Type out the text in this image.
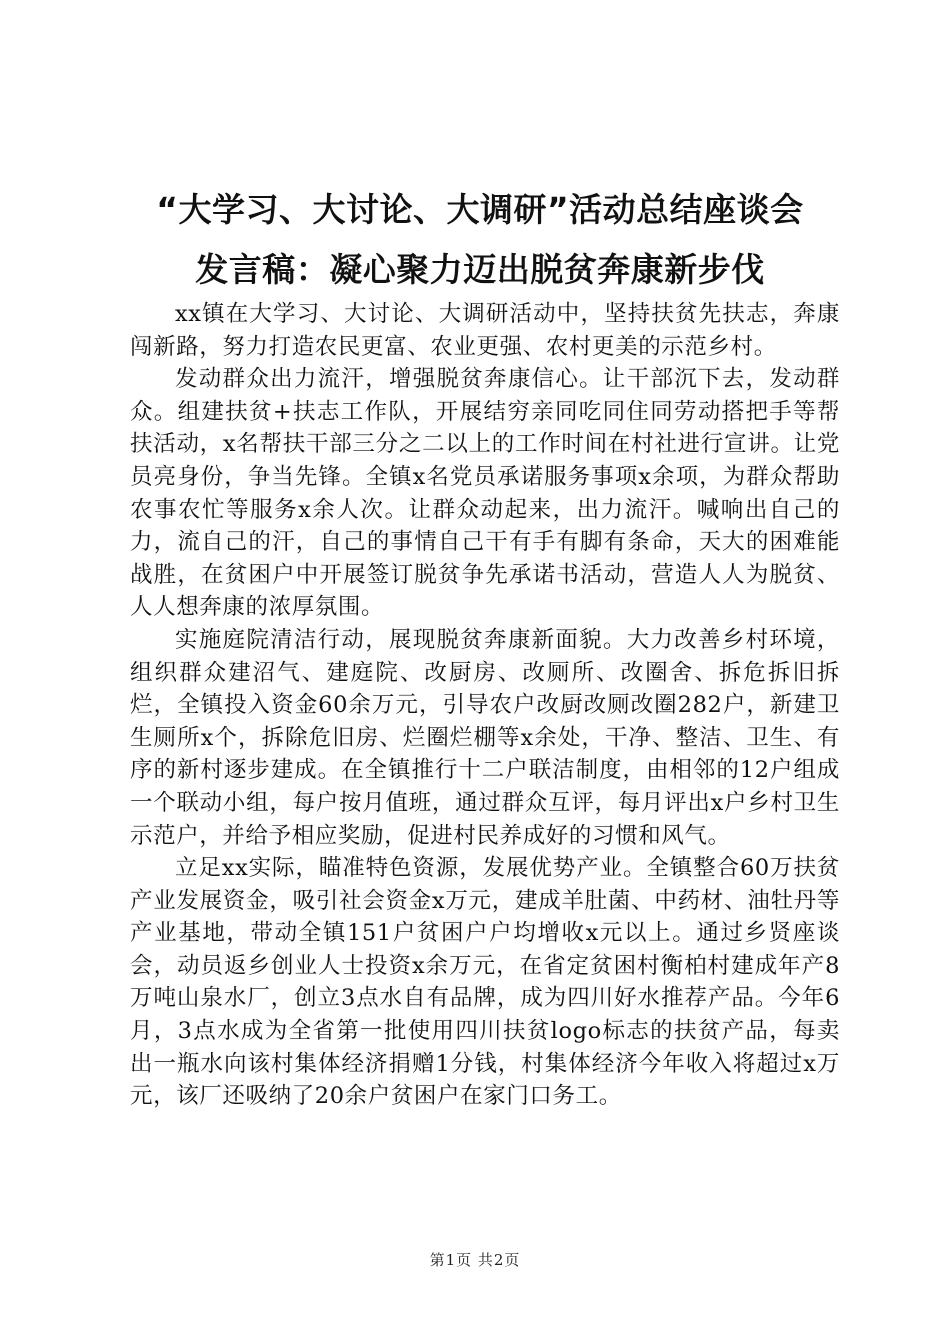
“大学习、大讨论、大调研”活动总结座谈会
发言稿：凝心聚力迈出脱贫奔康新步伐

xx镇在大学习、大讨论、大调研活动中，坚持扶贫先扶志，奔康闯新路，努力打造农民更富、农业更强、农村更美的示范乡村。

发动群众出力流汗，增强脱贫奔康信心。让干部沉下去，发动群众。组建扶贫+扶志工作队，开展结穷亲同吃同住同劳动搭把手等帮扶活动，x名帮扶干部三分之二以上的工作时间在村社进行宣讲。让党员亮身份，争当先锋。全镇x名党员承诺服务事项x余项，为群众帮助农事农忙等服务x余人次。让群众动起来，出力流汗。喊响出自己的力，流自己的汗，自己的事情自己干有手有脚有条命，天大的困难能战胜，在贫困户中开展签订脱贫争先承诺书活动，营造人人为脱贫、人人想奔康的浓厚氛围。

实施庭院清洁行动，展现脱贫奔康新面貌。大力改善乡村环境，组织群众建沼气、建庭院、改厨房、改厕所、改圈舍、拆危拆旧拆烂，全镇投入资金60余万元，引导农户改厨改厕改圈282户，新建卫生厕所x个，拆除危旧房、烂圈烂棚等x余处，干净、整洁、卫生、有序的新村逐步建成。在全镇推行十二户联洁制度，由相邻的12户组成一个联动小组，每户按月值班，通过群众互评，每月评出x户乡村卫生示范户，并给予相应奖励，促进村民养成好的习惯和风气。

立足xx实际，瞄准特色资源，发展优势产业。全镇整合60万扶贫产业发展资金，吸引社会资金x万元，建成羊肚菌、中药材、油牡丹等产业基地，带动全镇151户贫困户户均增收x元以上。通过乡贤座谈会，动员返乡创业人士投资x余万元，在省定贫困村衡柏村建成年产8万吨山泉水厂，创立3点水自有品牌，成为四川好水推荐产品。今年6月，3点水成为全省第一批使用四川扶贫logo标志的扶贫产品，每卖出一瓶水向该村集体经济捐赠1分钱，村集体经济今年收入将超过x万元，该厂还吸纳了20余户贫困户在家门口务工。

第1页 共2页
